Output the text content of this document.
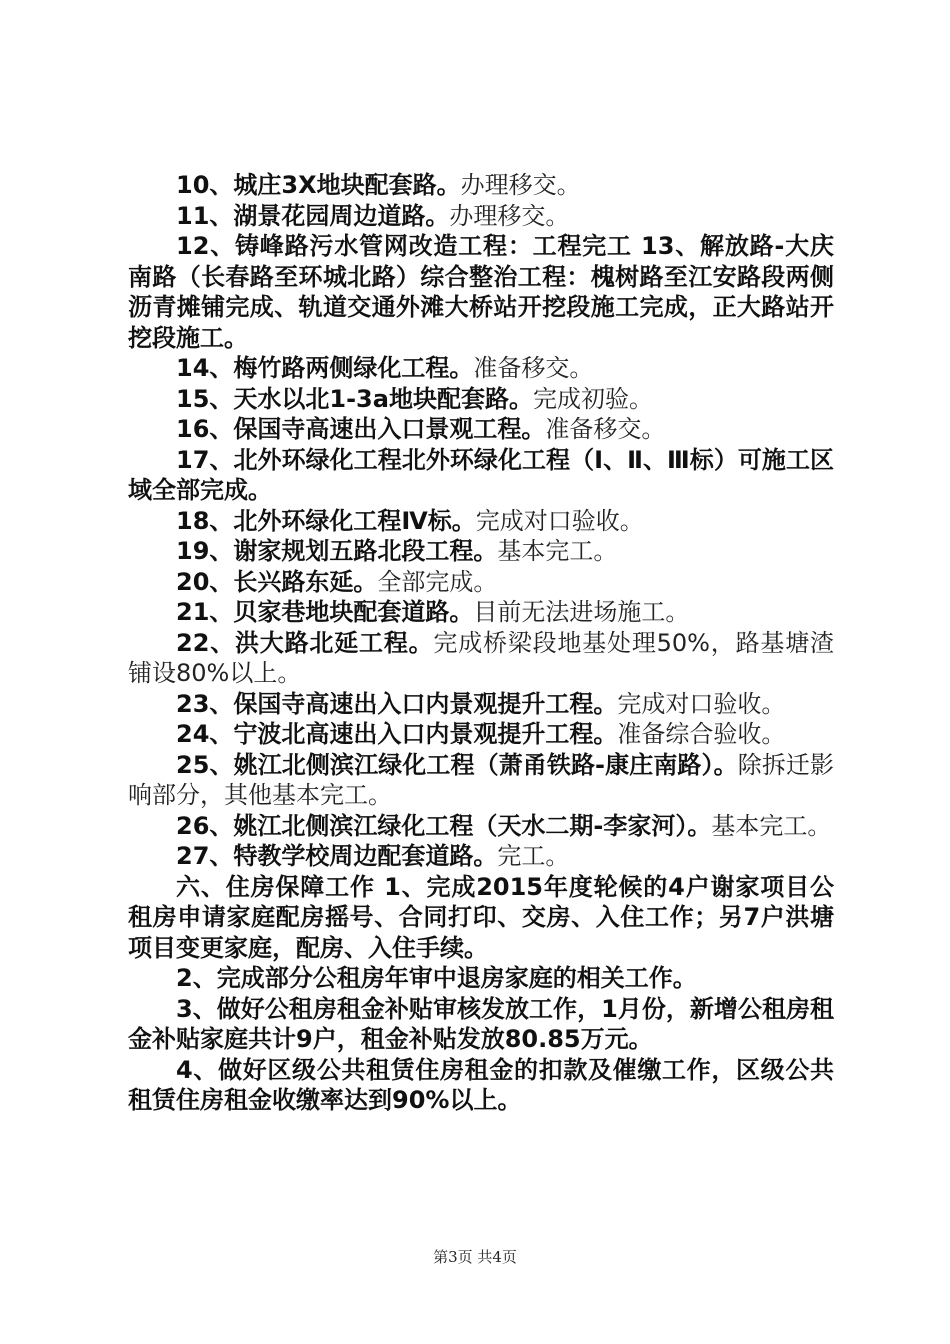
10、城庄3X地块配套路。办理移交。

11、湖景花园周边道路。办理移交。

12、铸峰路污水管网改造工程：工程完工 13、解放路-大庆南路（长春路至环城北路）综合整治工程：槐树路至江安路段两侧沥青摊铺完成、轨道交通外滩大桥站开挖段施工完成，正大路站开挖段施工。

14、梅竹路两侧绿化工程。准备移交。

15、天水以北1-3a地块配套路。完成初验。

16、保国寺高速出入口景观工程。准备移交。

17、北外环绿化工程北外环绿化工程（Ⅰ、Ⅱ、Ⅲ标）可施工区域全部完成。

18、北外环绿化工程Ⅳ标。完成对口验收。

19、谢家规划五路北段工程。基本完工。

20、长兴路东延。全部完成。

21、贝家巷地块配套道路。目前无法进场施工。

22、洪大路北延工程。完成桥梁段地基处理50%，路基塘渣铺设80%以上。

23、保国寺高速出入口内景观提升工程。完成对口验收。

24、宁波北高速出入口内景观提升工程。准备综合验收。

25、姚江北侧滨江绿化工程（萧甬铁路-康庄南路）。除拆迁影响部分，其他基本完工。

26、姚江北侧滨江绿化工程（天水二期-李家河）。基本完工。

27、特教学校周边配套道路。完工。

六、住房保障工作 1、完成2015年度轮候的4户谢家项目公租房申请家庭配房摇号、合同打印、交房、入住工作；另7户洪塘项目变更家庭，配房、入住手续。

2、完成部分公租房年审中退房家庭的相关工作。

3、做好公租房租金补贴审核发放工作，1月份，新增公租房租金补贴家庭共计9户，租金补贴发放80.85万元。

4、做好区级公共租赁住房租金的扣款及催缴工作，区级公共租赁住房租金收缴率达到90%以上。

第3页 共4页
